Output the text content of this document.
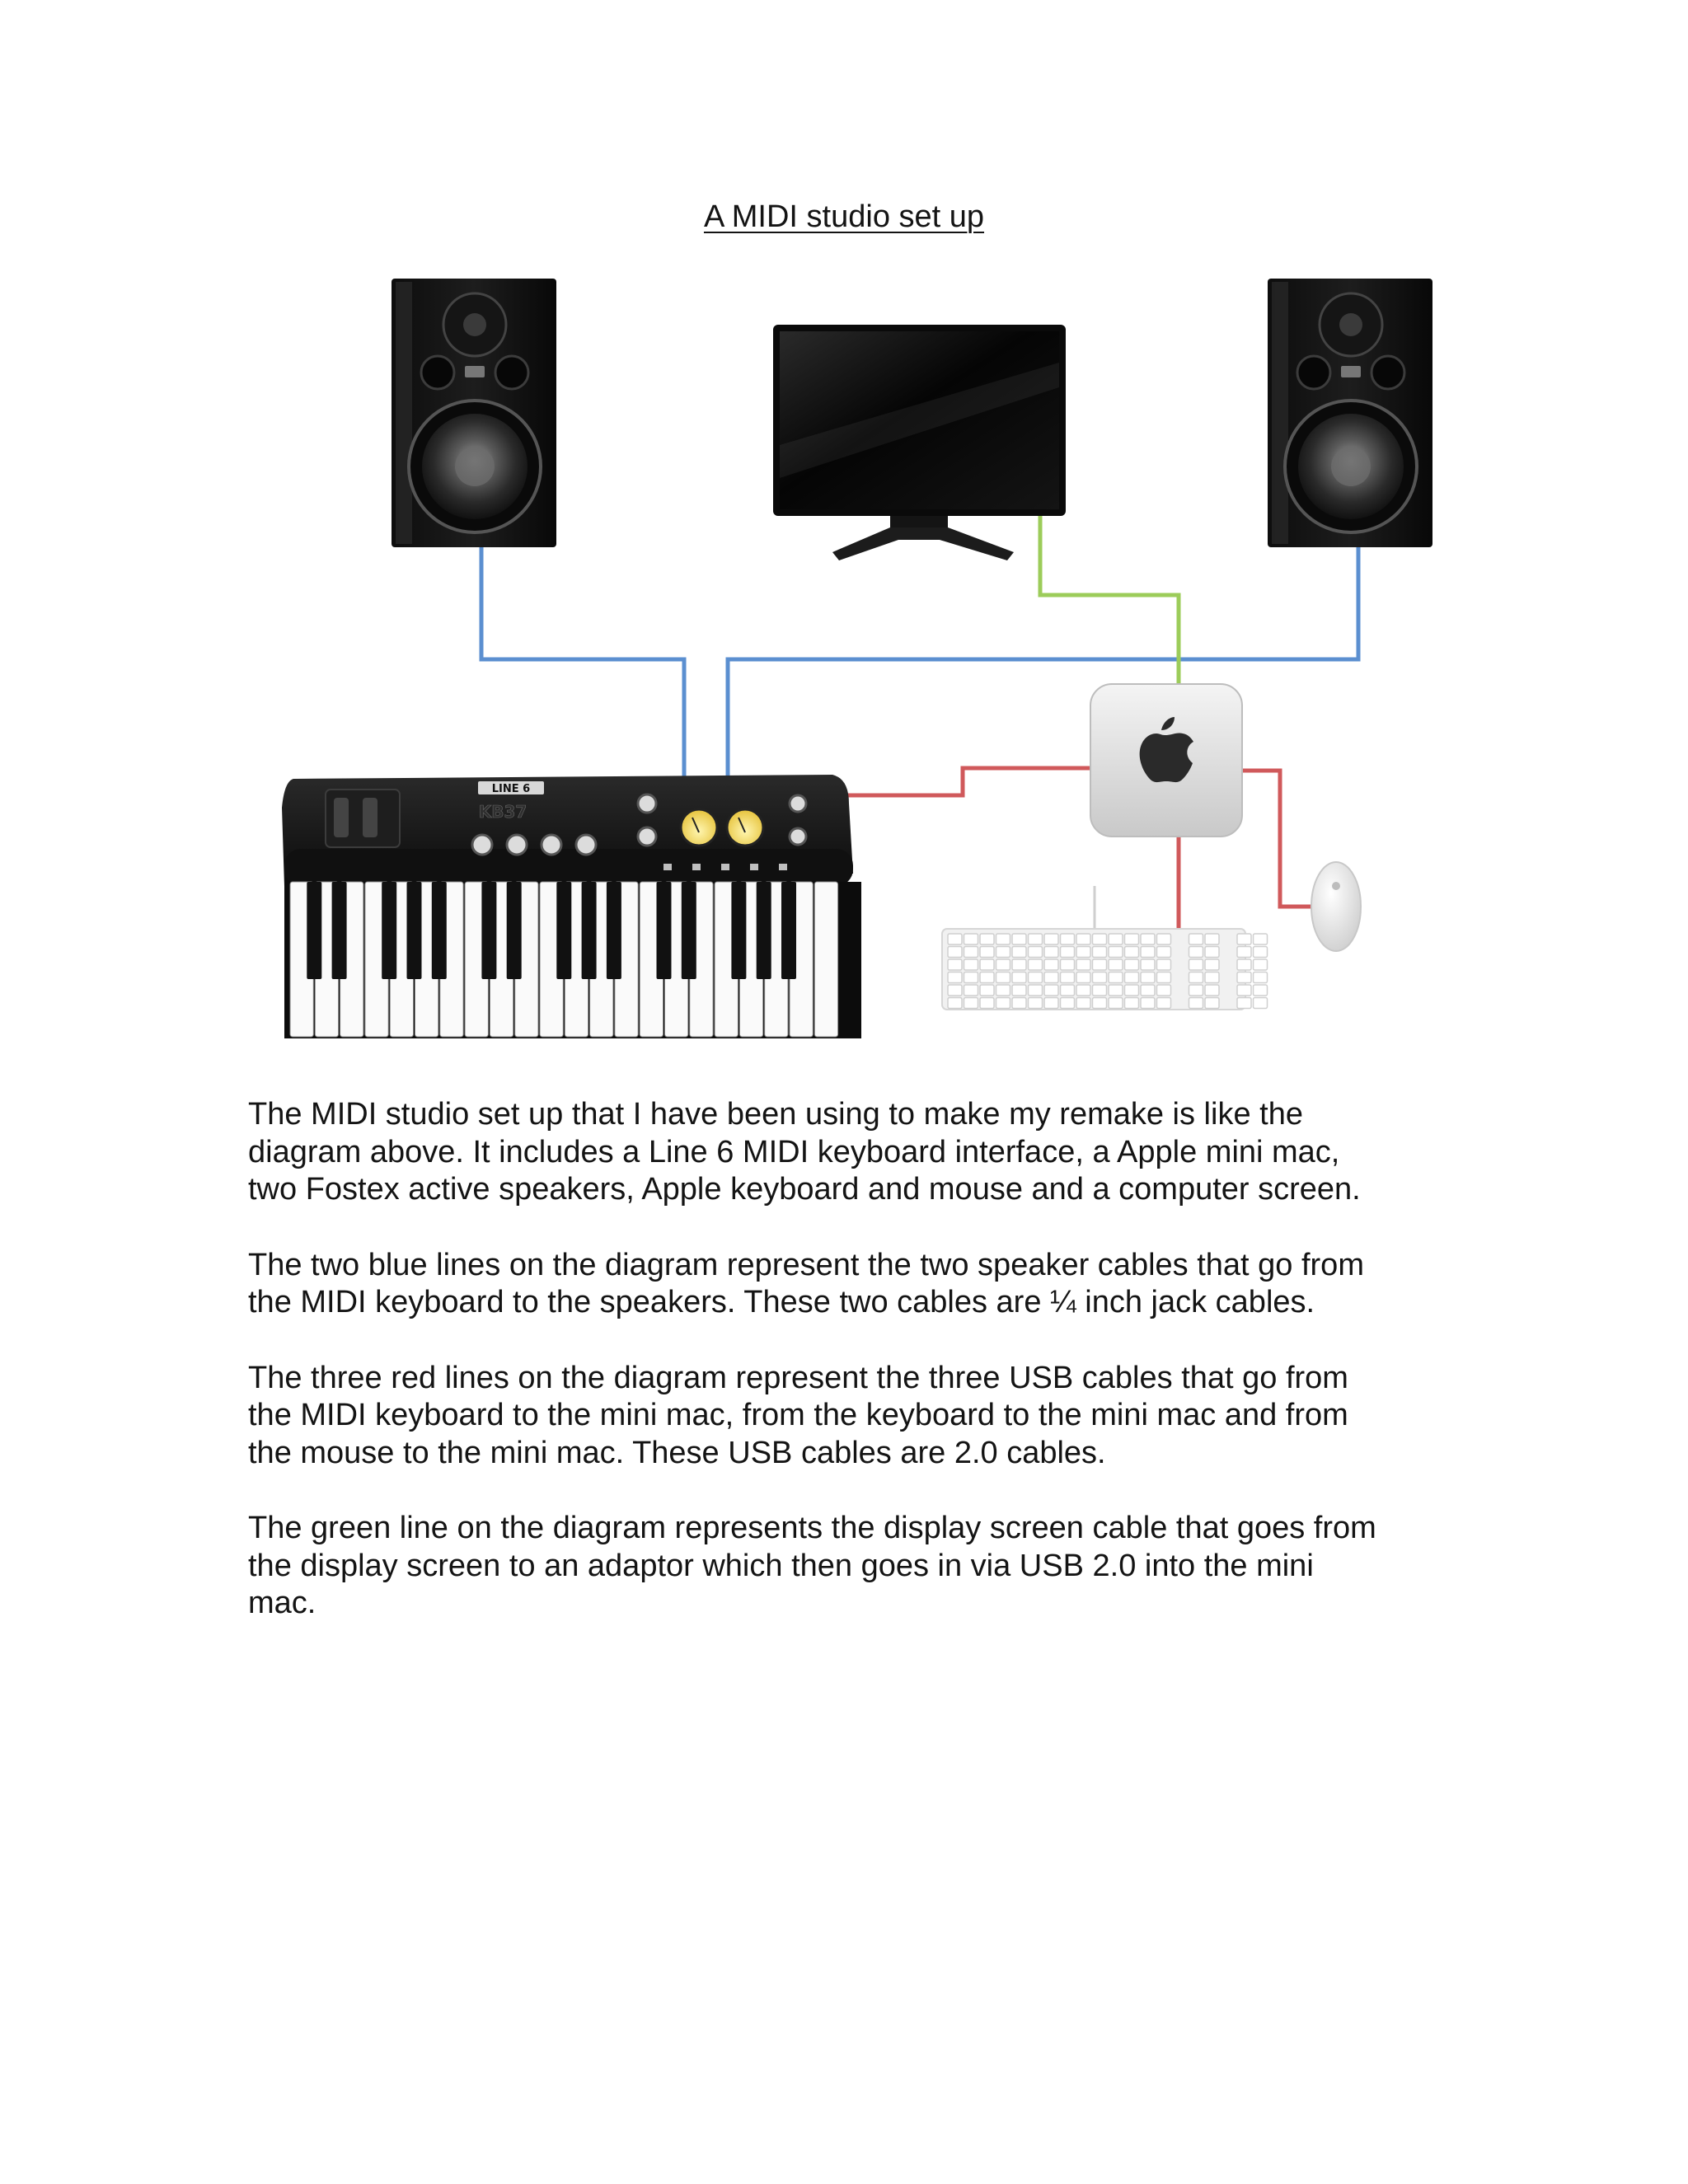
A MIDI studio set up
LINE 6
KB37

The MIDI studio set up that I have been using to make my remake is like the
diagram above. It includes a Line 6 MIDI keyboard interface, a Apple mini mac,
two Fostex active speakers, Apple keyboard and mouse and a computer screen.

The two blue lines on the diagram represent the two speaker cables that go from
the MIDI keyboard to the speakers. These two cables are ¼ inch jack cables.

The three red lines on the diagram represent the three USB cables that go from
the MIDI keyboard to the mini mac, from the keyboard to the mini mac and from
the mouse to the mini mac. These USB cables are 2.0 cables.

The green line on the diagram represents the display screen cable that goes from
the display screen to an adaptor which then goes in via USB 2.0 into the mini
mac.
